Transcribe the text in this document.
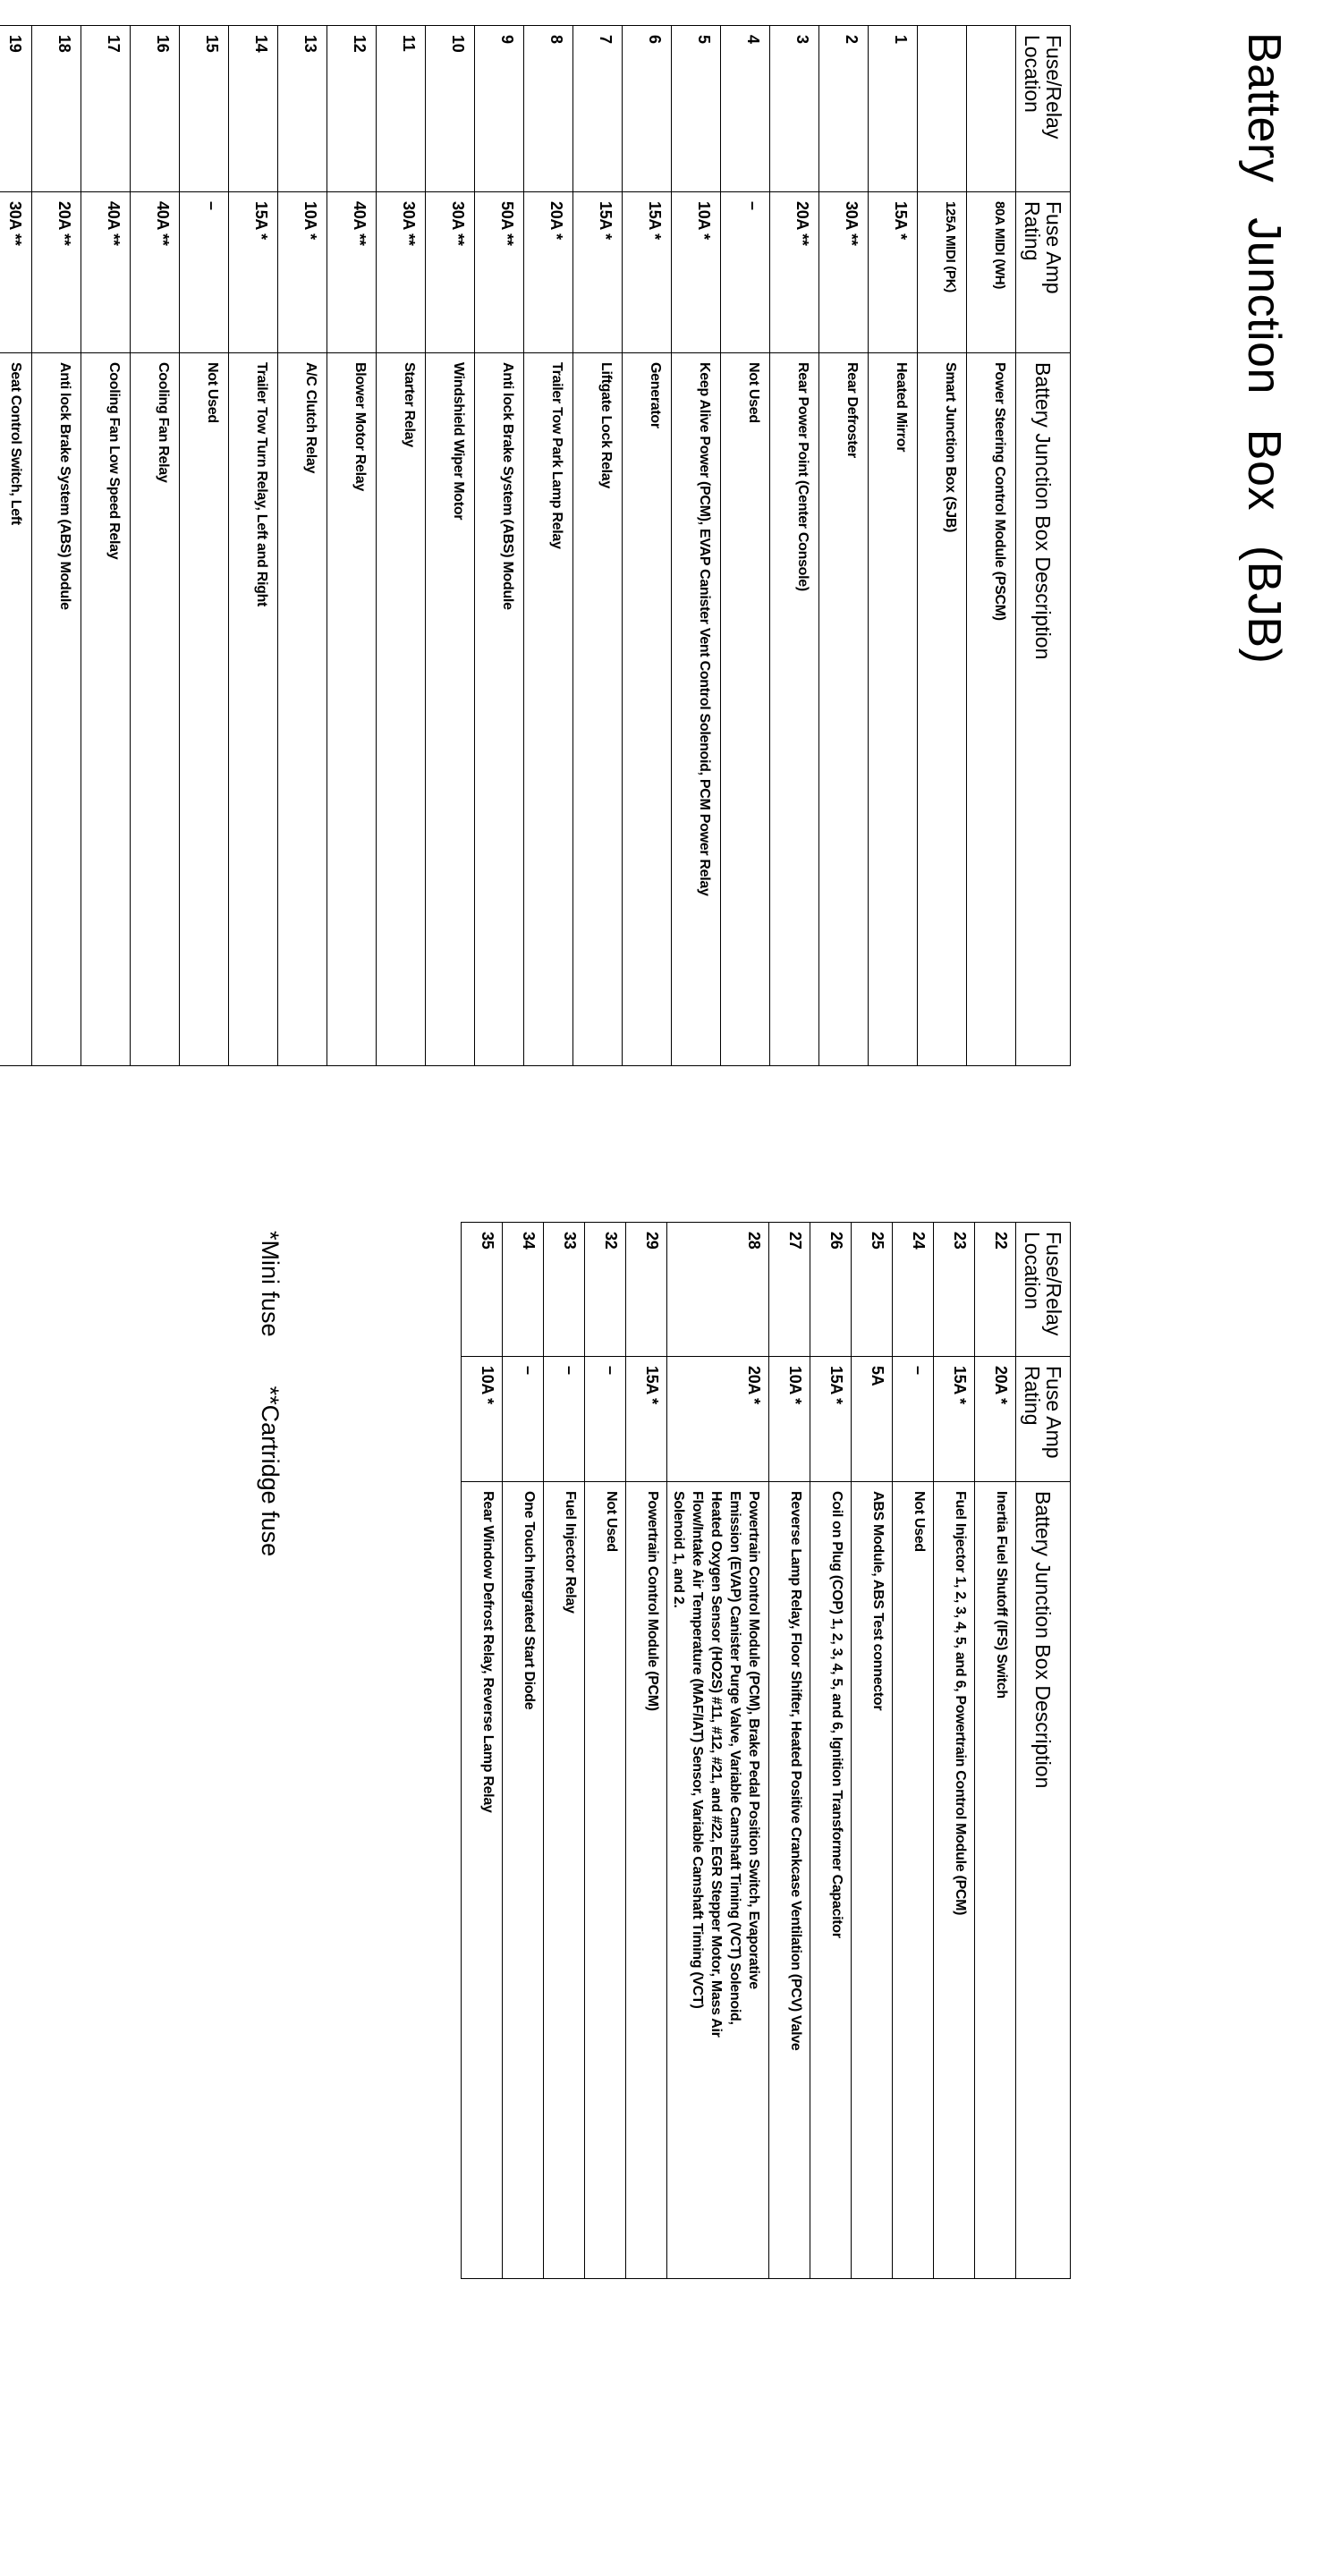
Battery Junction Box (BJB)
Fuse/Relay
Location	Fuse Amp
Rating	Battery Junction Box Description
	80A MIDI (WH)	Power Steering Control Module (PSCM)
	125A MIDI (PK)	Smart Junction Box (SJB)
1	15A *	Heated Mirror
2	30A **	Rear Defroster
3	20A **	Rear Power Point (Center Console)
4	–	Not Used
5	10A *	Keep Alive Power (PCM), EVAP Canister Vent Control Solenoid, PCM Power Relay
6	15A *	Generator
7	15A *	Liftgate Lock Relay
8	20A *	Trailer Tow Park Lamp Relay
9	50A **	Anti lock Brake System (ABS) Module
10	30A **	Windshield Wiper Motor
11	30A **	Starter Relay
12	40A **	Blower Motor Relay
13	10A *	A/C Clutch Relay
14	15A *	Trailer Tow Turn Relay, Left and Right
15	–	Not Used
16	40A **	Cooling Fan Relay
17	40A **	Cooling Fan Low Speed Relay
18	20A **	Anti lock Brake System (ABS) Module
19	30A **	Seat Control Switch, Left
Fuse/Relay
Location	Fuse Amp
Rating	Battery Junction Box Description
22	20A *	Inertia Fuel Shutoff (IFS) Switch

23	15A *	Fuel Injector 1, 2, 3, 4, 5, and 6, Powertrain Control Module (PCM)

24	–	Not Used

25	5A	ABS Module, ABS Test connector

26	15A *	Coil on Plug (COP) 1, 2, 3, 4, 5, and 6, Ignition Transformer Capacitor

27	10A *	Reverse Lamp Relay, Floor Shifter, Heated Positive Crankcase Ventilation (PCV) Valve

28	20A *	Powertrain Control Module (PCM), Brake Pedal Position Switch, Evaporative
Emission (EVAP) Canister Purge Valve, Variable Camshaft Timing (VCT) Solenoid,
Heated Oxygen Sensor (HO2S) #11, #12, #21, and #22, EGR Stepper Motor, Mass Air
Flow/Intake Air Temperature (MAF/IAT) Sensor, Variable Camshaft Timing (VCT)
Solenoid 1, and 2.

29	15A *	Powertrain Control Module (PCM)

32	–	Not Used

33	–	Fuel Injector Relay

34	–	One Touch Integrated Start Diode

35	10A *	Rear Window Defrost Relay, Reverse Lamp Relay
*Mini fuse  **Cartridge fuse
